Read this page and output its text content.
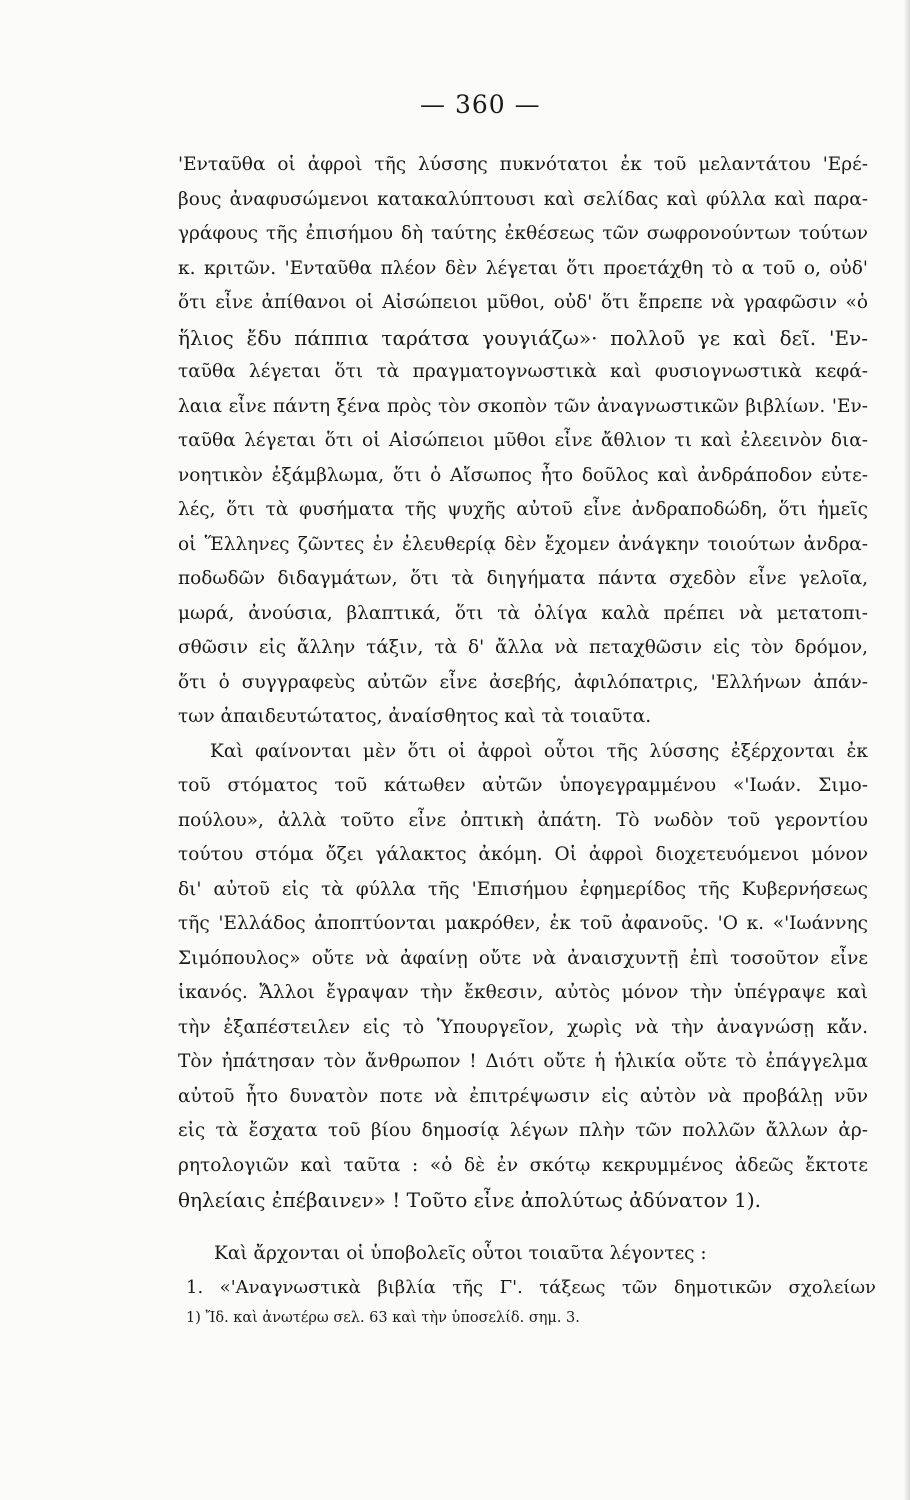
— 360 —
'Ενταῦθα οἱ ἀφροὶ τῆς λύσσης πυκνότατοι ἐκ τοῦ μελαντάτου 'Ερέ-
βους ἀναφυσώμενοι κατακαλύπτουσι καὶ σελίδας καὶ φύλλα καὶ παρα-
γράφους τῆς ἐπισήμου δὴ ταύτης ἐκθέσεως τῶν σωφρονούντων τούτων
κ. κριτῶν. 'Ενταῦθα πλέον δὲν λέγεται ὅτι προετάχθη τὸ α τοῦ ο, οὐδ'
ὅτι εἶνε ἀπίθανοι οἱ Αἰσώπειοι μῦθοι, οὐδ' ὅτι ἔπρεπε νὰ γραφῶσιν «ὁ
ἥλιος ἔδυ πάππια ταράτσα γουγιάζω»· πολλοῦ γε καὶ δεῖ. 'Εν-
ταῦθα λέγεται ὅτι τὰ πραγματογνωστικὰ καὶ φυσιογνωστικὰ κεφά-
λαια εἶνε πάντη ξένα πρὸς τὸν σκοπὸν τῶν ἀναγνωστικῶν βιβλίων. 'Εν-
ταῦθα λέγεται ὅτι οἱ Αἰσώπειοι μῦθοι εἶνε ἄθλιον τι καὶ ἐλεεινὸν δια-
νοητικὸν ἐξάμβλωμα, ὅτι ὁ Αἴσωπος ἦτο δοῦλος καὶ ἀνδράποδον εὐτε-
λές, ὅτι τὰ φυσήματα τῆς ψυχῆς αὐτοῦ εἶνε ἀνδραποδώδη, ὅτι ἡμεῖς
οἱ Ἕλληνες ζῶντες ἐν ἐλευθερίᾳ δὲν ἔχομεν ἀνάγκην τοιούτων ἀνδρα-
ποδωδῶν διδαγμάτων, ὅτι τὰ διηγήματα πάντα σχεδὸν εἶνε γελοῖα,
μωρά, ἀνούσια, βλαπτικά, ὅτι τὰ ὀλίγα καλὰ πρέπει νὰ μετατοπι-
σθῶσιν εἰς ἄλλην τάξιν, τὰ δ' ἄλλα νὰ πεταχθῶσιν εἰς τὸν δρόμον,
ὅτι ὁ συγγραφεὺς αὐτῶν εἶνε ἀσεβής, ἀφιλόπατρις, 'Ελλήνων ἀπάν-
των ἀπαιδευτώτατος, ἀναίσθητος καὶ τὰ τοιαῦτα.
Καὶ φαίνονται μὲν ὅτι οἱ ἀφροὶ οὗτοι τῆς λύσσης ἐξέρχονται ἐκ
τοῦ στόματος τοῦ κάτωθεν αὐτῶν ὑπογεγραμμένου «'Ιωάν. Σιμο-
πούλου», ἀλλὰ τοῦτο εἶνε ὀπτικὴ ἀπάτη. Τὸ νωδὸν τοῦ γεροντίου
τούτου στόμα ὄζει γάλακτος ἀκόμη. Οἱ ἀφροὶ διοχετευόμενοι μόνον
δι' αὐτοῦ εἰς τὰ φύλλα τῆς 'Επισήμου ἐφημερίδος τῆς Κυβερνήσεως
τῆς 'Ελλάδος ἀποπτύονται μακρόθεν, ἐκ τοῦ ἀφανοῦς. 'Ο κ. «'Ιωάννης
Σιμόπουλος» οὔτε νὰ ἀφαίνῃ οὔτε νὰ ἀναισχυντῇ ἐπὶ τοσοῦτον εἶνε
ἱκανός. Ἄλλοι ἔγραψαν τὴν ἔκθεσιν, αὐτὸς μόνον τὴν ὑπέγραψε καὶ
τὴν ἐξαπέστειλεν εἰς τὸ Ὑπουργεῖον, χωρὶς νὰ τὴν ἀναγνώσῃ κἄν.
Τὸν ἠπάτησαν τὸν ἄνθρωπον ! Διότι οὔτε ἡ ἡλικία οὔτε τὸ ἐπάγγελμα
αὐτοῦ ἦτο δυνατὸν ποτε νὰ ἐπιτρέψωσιν εἰς αὐτὸν νὰ προβάλῃ νῦν
εἰς τὰ ἔσχατα τοῦ βίου δημοσίᾳ λέγων πλὴν τῶν πολλῶν ἄλλων ἀρ-
ρητολογιῶν καὶ ταῦτα : «ὁ δὲ ἐν σκότῳ κεκρυμμένος ἀδεῶς ἔκτοτε
θηλείαις ἐπέβαινεν» ! Τοῦτο εἶνε ἀπολύτως ἀδύνατον 1).
Καὶ ἄρχονται οἱ ὑποβολεῖς οὗτοι τοιαῦτα λέγοντες :
1. «'Αναγνωστικὰ βιβλία τῆς Γ'. τάξεως τῶν δημοτικῶν σχολείων
1) Ἴδ. καὶ ἀνωτέρω σελ. 63 καὶ τὴν ὑποσελίδ. σημ. 3.
